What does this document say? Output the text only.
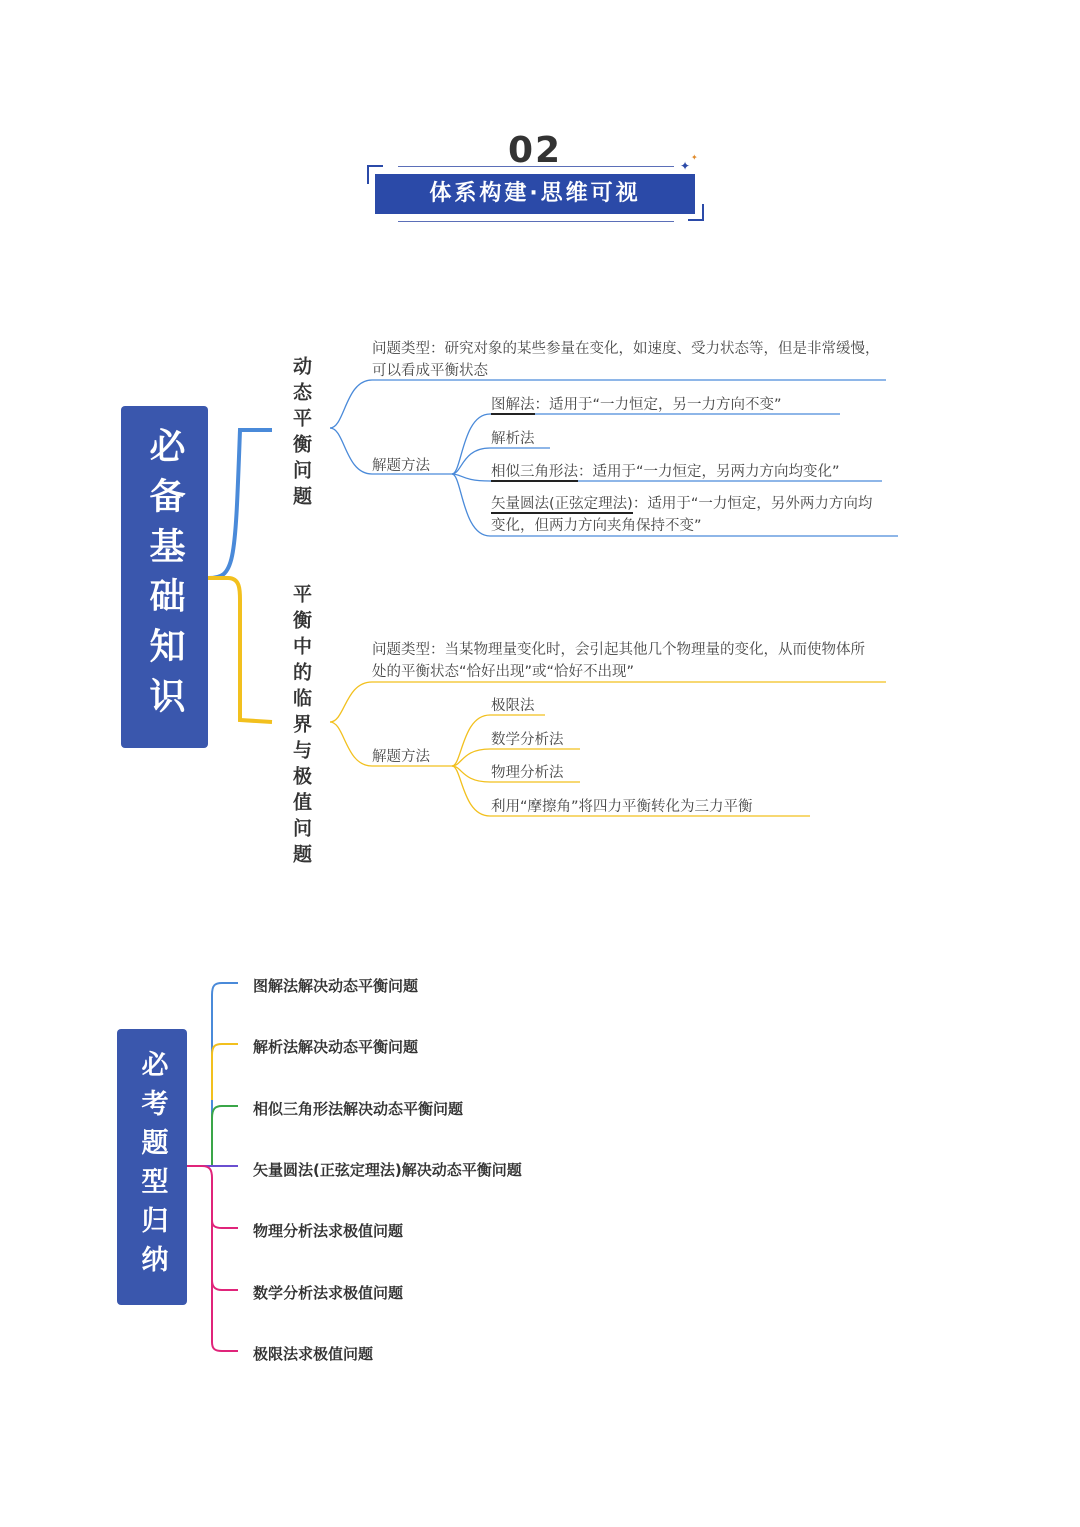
✦
✦
02
体系构建·思维可视
必备基础知识	动态平衡问题
平衡中的临界与极值问题
问题类型：研究对象的某些参量在变化，如速度、受力状态等，但是非常缓慢，可以看成平衡状态
解题方法
图解法：适用于“一力恒定，另一力方向不变”
解析法
相似三角形法：适用于“一力恒定，另两力方向均变化”
矢量圆法(正弦定理法)：适用于“一力恒定，另外两力方向均变化，但两力方向夹角保持不变”
问题类型：当某物理量变化时，会引起其他几个物理量的变化，从而使物体所处的平衡状态“恰好出现”或“恰好不出现”
解题方法
极限法
数学分析法
物理分析法
利用“摩擦角”将四力平衡转化为三力平衡
必考题型归纳
图解法解决动态平衡问题
解析法解决动态平衡问题
相似三角形法解决动态平衡问题
矢量圆法(正弦定理法)解决动态平衡问题
物理分析法求极值问题
数学分析法求极值问题
极限法求极值问题
